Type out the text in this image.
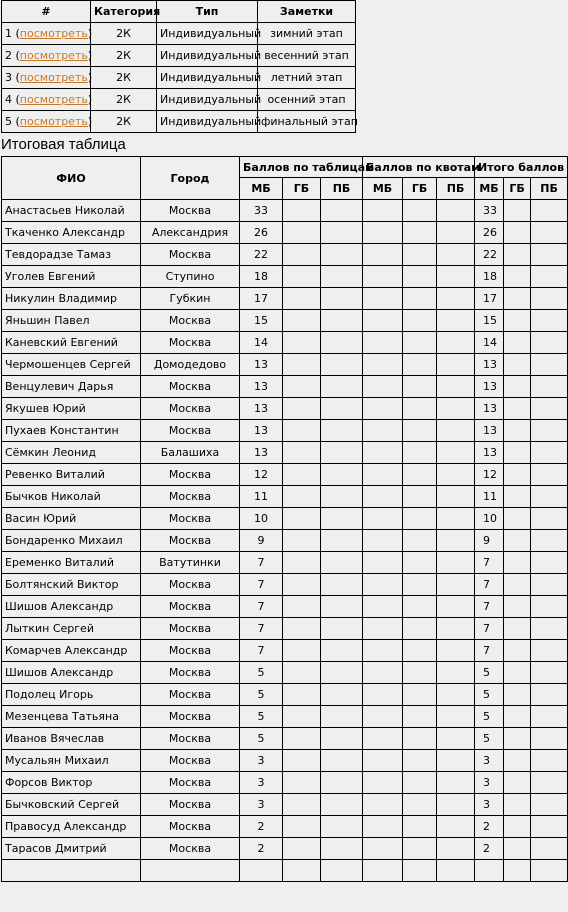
#	Категория	Тип	Заметки
1 (посмотреть)	2К	Индивидуальный	зимний этап
2 (посмотреть)	2К	Индивидуальный	весенний этап
3 (посмотреть)	2К	Индивидуальный	летний этап
4 (посмотреть)	2К	Индивидуальный	осенний этап
5 (посмотреть)	2К	Индивидуальный	финальный этап
Итоговая таблица
ФИО	Город	Баллов по таблицам			Баллов по квотам			Итого баллов		
		МБ	ГБ	ПБ	МБ	ГБ	ПБ	МБ	ГБ	ПБ
Анастасьев Николай	Москва	33						33		
Ткаченко Александр	Александрия	26						26		
Тевдорадзе Тамаз	Москва	22						22		
Уголев Евгений	Ступино	18						18		
Никулин Владимир	Губкин	17						17		
Яньшин Павел	Москва	15						15		
Каневский Евгений	Москва	14						14		
Чермошенцев Сергей	Домодедово	13						13		
Венцулевич Дарья	Москва	13						13		
Якушев Юрий	Москва	13						13		
Пухаев Константин	Москва	13						13		
Сёмкин Леонид	Балашиха	13						13		
Ревенко Виталий	Москва	12						12		
Бычков Николай	Москва	11						11		
Васин Юрий	Москва	10						10		
Бондаренко Михаил	Москва	9						9		
Еременко Виталий	Ватутинки	7						7		
Болтянский Виктор	Москва	7						7		
Шишов Александр	Москва	7						7		
Лыткин Сергей	Москва	7						7		
Комарчев Александр	Москва	7						7		
Шишов Александр	Москва	5						5		
Подолец Игорь	Москва	5						5		
Мезенцева Татьяна	Москва	5						5		
Иванов Вячеслав	Москва	5						5		
Мусальян Михаил	Москва	3						3		
Форсов Виктор	Москва	3						3		
Бычковский Сергей	Москва	3						3		
Правосуд Александр	Москва	2						2		
Тарасов Дмитрий	Москва	2						2		
